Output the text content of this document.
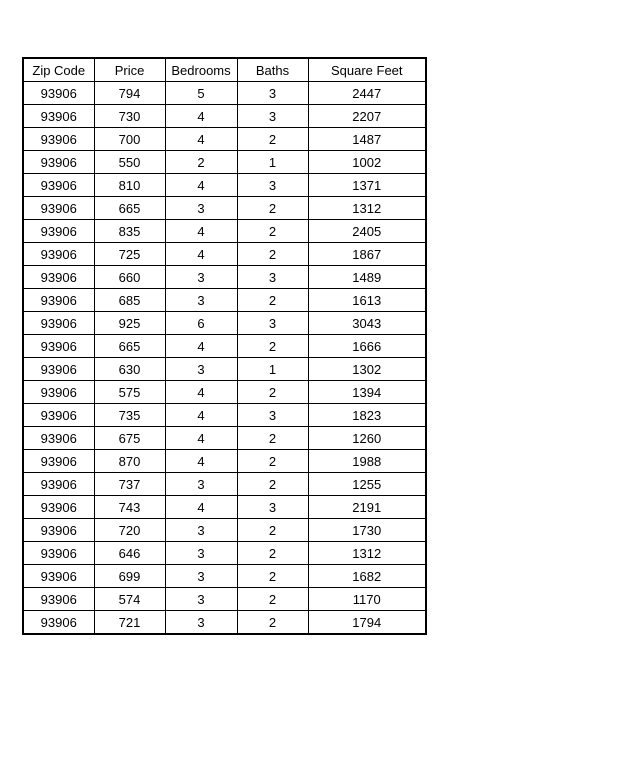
Zip Code	Price	Bedrooms	Baths	Square Feet
93906	794	5	3	2447
93906	730	4	3	2207
93906	700	4	2	1487
93906	550	2	1	1002
93906	810	4	3	1371
93906	665	3	2	1312
93906	835	4	2	2405
93906	725	4	2	1867
93906	660	3	3	1489
93906	685	3	2	1613
93906	925	6	3	3043
93906	665	4	2	1666
93906	630	3	1	1302
93906	575	4	2	1394
93906	735	4	3	1823
93906	675	4	2	1260
93906	870	4	2	1988
93906	737	3	2	1255
93906	743	4	3	2191
93906	720	3	2	1730
93906	646	3	2	1312
93906	699	3	2	1682
93906	574	3	2	1170
93906	721	3	2	1794
